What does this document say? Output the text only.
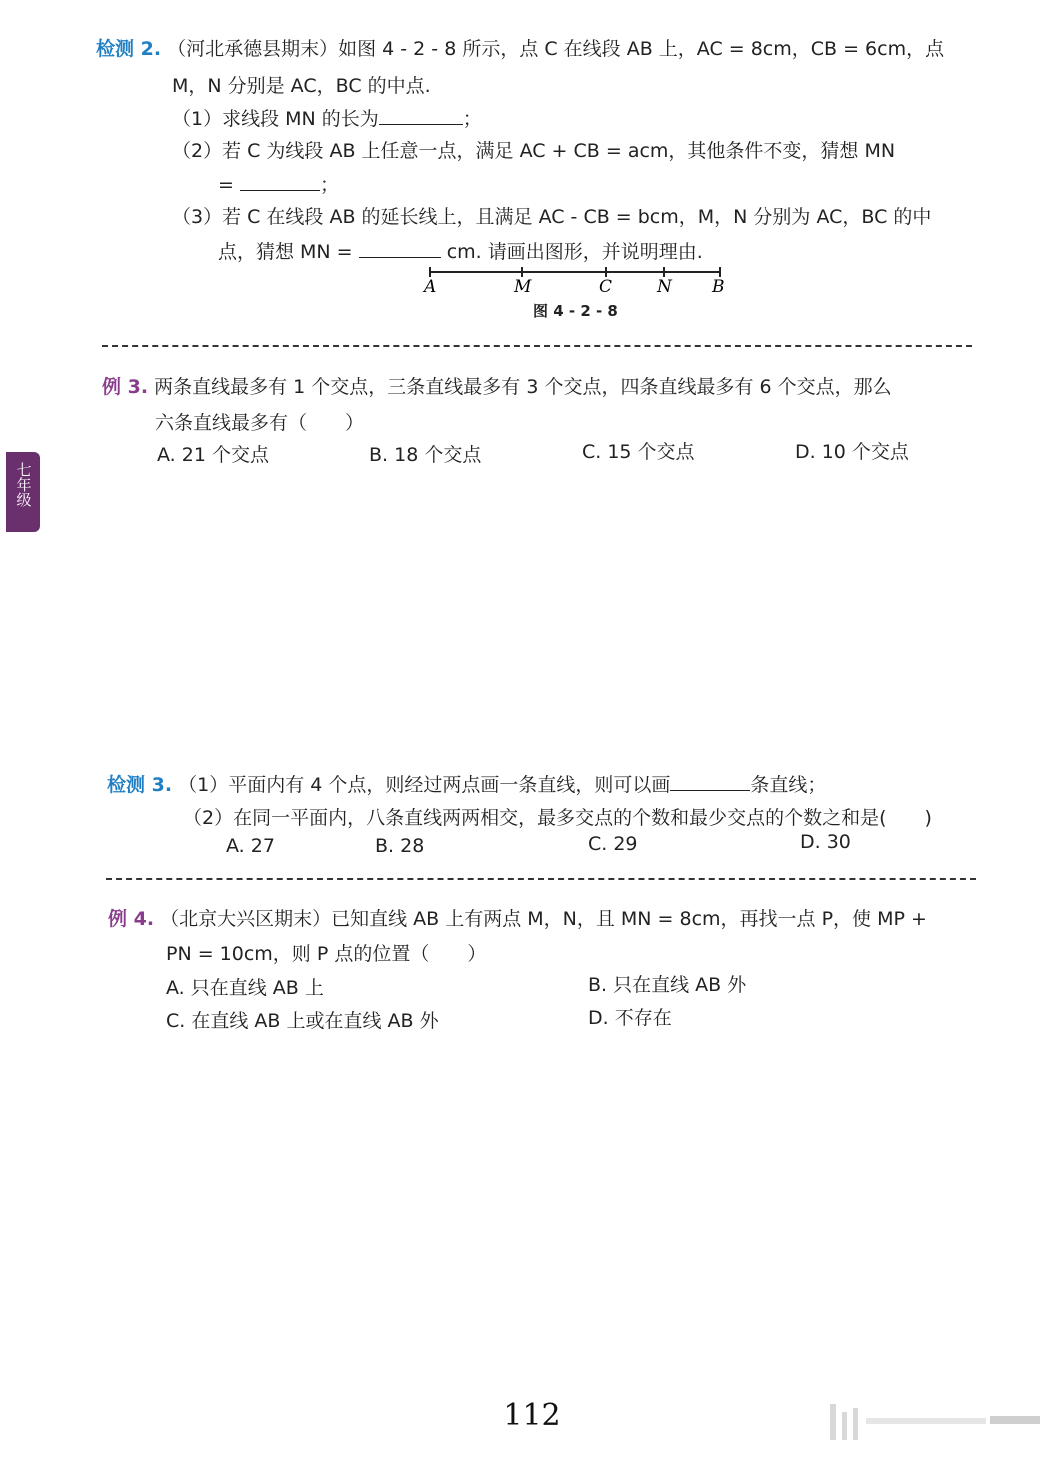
七年级
检测 2. （河北承德县期末）如图 4 - 2 - 8 所示，点 C 在线段 AB 上，AC = 8cm，CB = 6cm，点
M，N 分别是 AC，BC 的中点.
（1）求线段 MN 的长为	；
（2）若 C 为线段 AB 上任意一点，满足 AC + CB = acm，其他条件不变，猜想 MN
=	；
（3）若 C 在线段 AB 的延长线上，且满足 AC - CB = bcm，M，N 分别为 AC，BC 的中
点，猜想 MN =	cm. 请画出图形，并说明理由.
A	M	C	N B
图 4 - 2 - 8
例 3. 两条直线最多有 1 个交点，三条直线最多有 3 个交点，四条直线最多有 6 个交点，那么
六条直线最多有（　　）
A. 21 个交点	B. 18 个交点	C. 15 个交点	D. 10 个交点
检测 3. （1）平面内有 4 个点，则经过两点画一条直线，则可以画	条直线；
（2）在同一平面内，八条直线两两相交，最多交点的个数和最少交点的个数之和是(　　)
A. 27	B. 28	C. 29	D. 30
例 4. （北京大兴区期末）已知直线 AB 上有两点 M，N，且 MN = 8cm，再找一点 P，使 MP +
PN = 10cm，则 P 点的位置（　　）
A. 只在直线 AB 上	B. 只在直线 AB 外
C. 在直线 AB 上或在直线 AB 外	D. 不存在
112
